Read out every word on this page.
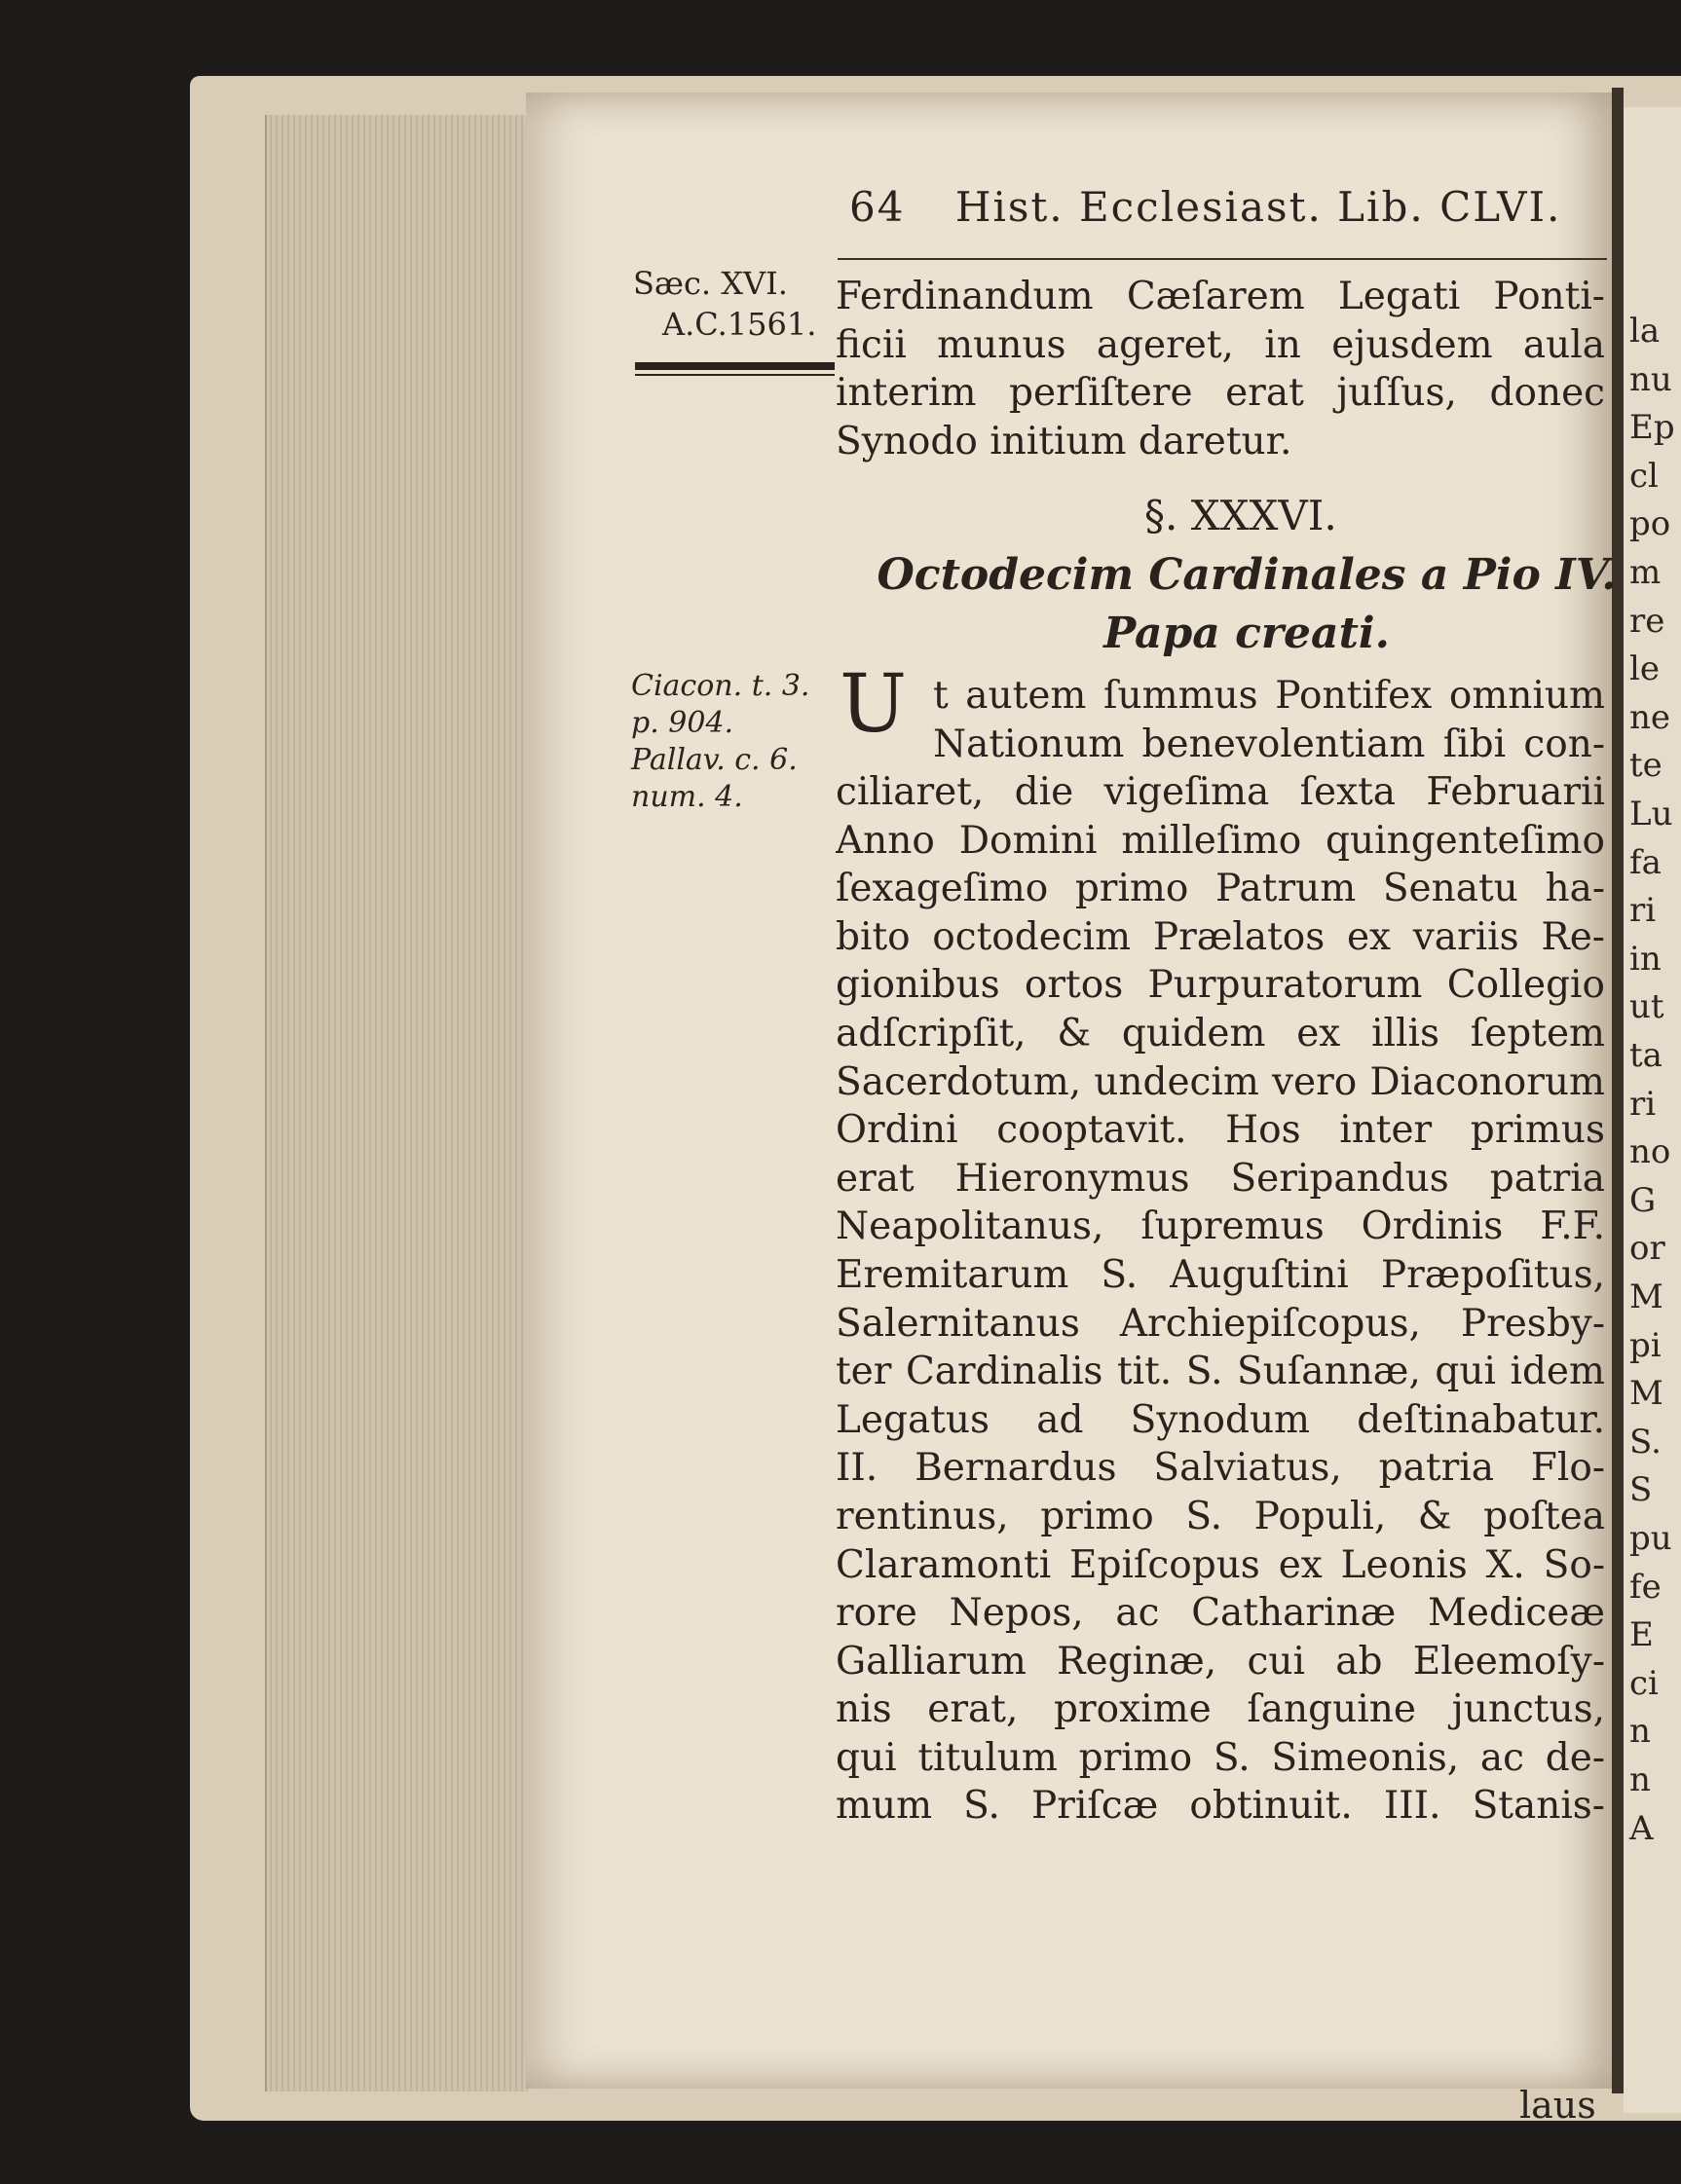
la
nu
Ep
cl
po
m
re
le
ne
te
Lu
fa
ri
in
ut
ta
ri
no
G
or
M
pi
M
S.
S
pu
fe
E
ci
n
n
A
64 Hist. Ecclesiast. Lib. CLVI.
Sæc. XVI.
A.C.1561.
Ferdinandum Cæſarem Legati Ponti-
ficii munus ageret, in ejusdem aula
interim perſiſtere erat juſſus, donec
Synodo initium daretur.
§. XXXVI.
Octodecim Cardinales a Pio IV.
Papa creati.
Ciacon. t. 3.
p. 904.
Pallav. c. 6.
num. 4.
U t autem ſummus Pontifex omnium
Nationum benevolentiam ſibi con-
ciliaret, die vigeſima ſexta Februarii
Anno Domini milleſimo quingenteſimo
ſexageſimo primo Patrum Senatu ha-
bito octodecim Prælatos ex variis Re-
gionibus ortos Purpuratorum Collegio
adſcripſit, & quidem ex illis ſeptem
Sacerdotum, undecim vero Diaconorum
Ordini cooptavit. Hos inter primus
erat Hieronymus Seripandus patria
Neapolitanus, ſupremus Ordinis F.F.
Eremitarum S. Auguſtini Præpoſitus,
Salernitanus Archiepiſcopus, Presby-
ter Cardinalis tit. S. Suſannæ, qui idem
Legatus ad Synodum deſtinabatur.
II. Bernardus Salviatus, patria Flo-
rentinus, primo S. Populi, & poſtea
Claramonti Epiſcopus ex Leonis X. So-
rore Nepos, ac Catharinæ Mediceæ
Galliarum Reginæ, cui ab Eleemoſy-
nis erat, proxime ſanguine junctus,
qui titulum primo S. Simeonis, ac de-
mum S. Priſcæ obtinuit. III. Stanis-
laus
